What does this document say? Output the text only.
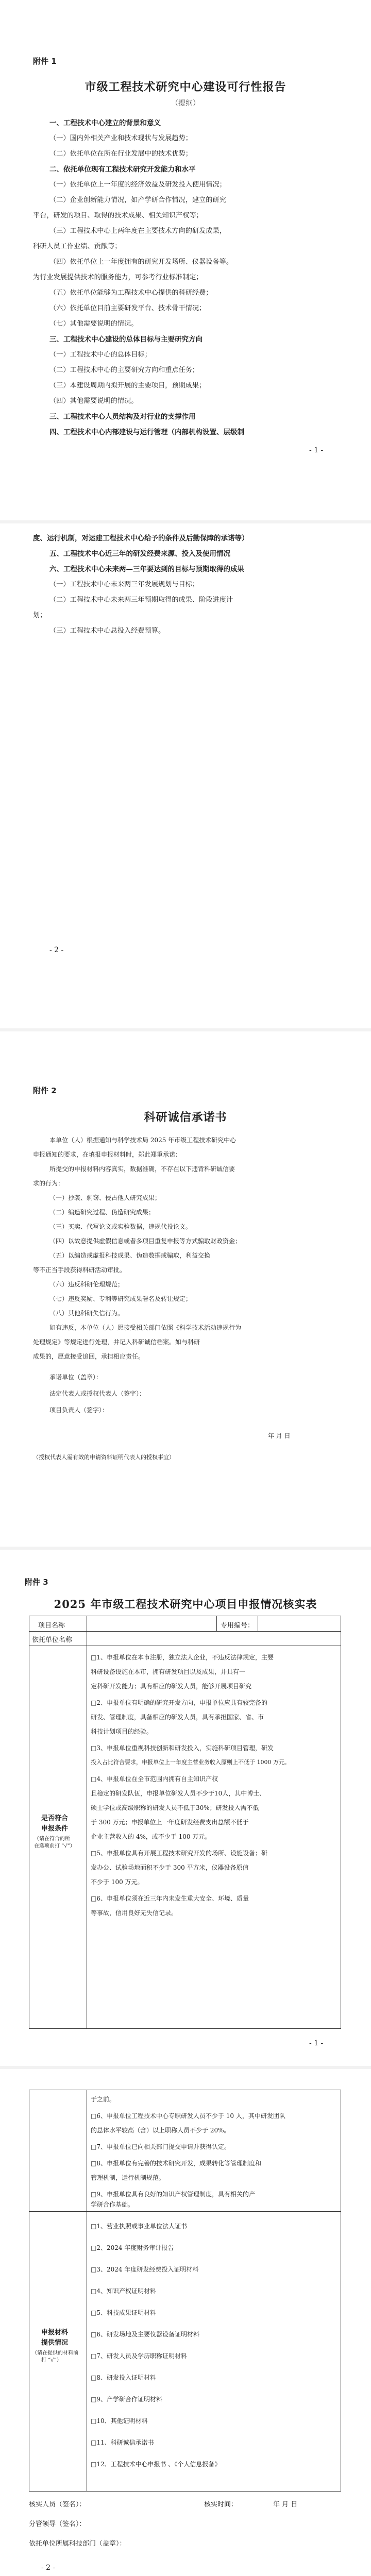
附件 1
市级工程技术研究中心建设可行性报告
（提纲）
一、工程技术中心建立的背景和意义
（一）国内外相关产业和技术现状与发展趋势；
（二）依托单位在所在行业发展中的技术优势；
二、依托单位现有工程技术研究开发能力和水平
（一）依托单位上一年度的经济效益及研发投入使用情况；
（二）企业创新能力情况，如产学研合作情况，建立的研究
平台，研发的项目、取得的技术成果、相关知识产权等；
（三）工程技术中心上两年度在主要技术方向的研发成果，
科研人员工作业绩、贡献等；
（四）依托单位上一年度拥有的研究开发场所、仪器设备等。
为行业发展提供技术的服务能力，可参考行业标准制定；
（五）依托单位能够为工程技术中心提供的科研经费；
（六）依托单位目前主要研发平台、技术骨干情况；
（七）其他需要说明的情况。
三、工程技术中心建设的总体目标与主要研究方向
（一）工程技术中心的总体目标；
（二）工程技术中心的主要研究方向和重点任务；
（三）本建设周期内拟开展的主要项目，预期成果；
（四）其他需要说明的情况。
三、工程技术中心人员结构及对行业的支撑作用
四、工程技术中心内部建设与运行管理（内部机构设置、层级制
- 1 -
度、运行机制，对运建工程技术中心给予的条件及后勤保障的承诺等）
五、工程技术中心近三年的研发经费来源、投入及使用情况
六、工程技术中心未来两—三年要达到的目标与预期取得的成果
（一）工程技术中心未来两三年发展规划与目标；
（二）工程技术中心未来两三年预期取得的成果、阶段进度计
划；
（三）工程技术中心总投入经费预算。
- 2 -
附件 2
科研诚信承诺书
本单位（人）根据通知与科学技术局 2025 年市级工程技术研究中心
申报通知的要求，在填报申报材料时，郑此郑重承诺：
所提交的申报材料内容真实，数据准确，不存在以下违背科研诚信要
求的行为：
（一）抄袭、剽窃、侵占他人研究成果；
（二）编造研究过程、伪造研究成果；
（三）买卖、代写论文或实验数据，违规代投论文。
（四）以故意提供虚假信息或者多项目重复申报等方式骗取财政资金；
（五）以编造或虚报科技成果、伪造数据或骗取，利益交换
等不正当手段获得科研活动审批。
（六）违反科研伦理规范；
（七）违反奖励、专利等研究成果署名及转让规定；
（八）其他科研失信行为。
如有违反，本单位（人）愿接受相关部门依照《科学技术活动违规行为
处理规定》等规定进行处理，并记入科研诚信档案。如与科研
成果的，愿意接受追回，承担相应责任。
承诺单位（盖章）：
法定代表人或授权代表人（签字）：
项目负责人（签字）：
年 月 日
（授权代表人需有效的申请资料证明代表人的授权事宜）
附件 3
2025 年市级工程技术研究中心项目申报情况核实表
项目名称	专用编号：
依托单位名称
是否符合
申报条件
（请在符合的所
在选项前打 “√”）
□1、申报单位在本市注册，独立法人企业，不违反法律规定，主要
科研设备设施在本市，拥有研发项目以及成果，并具有一
定科研开发能力；具有相应的研发人员，能够开展项目研究
□2、申报单位有明确的研究开发方向，申报单位应具有较完备的
研发、管理制度，具备相应的研发人员，具有承担国家、省、市
科技计划项目的经验。
□3、申报单位重视科技创新和研发投入，实施科研项目管理，研发
投入占比符合要求，申报单位上一年度主营业务收入原则上不低于 1000 万元。
□4、申报单位在全市范围内拥有自主知识产权
且稳定的研发队伍，申报单位研发人员不少于10人，其中博士、
硕士学位或高级职称的研发人员不低于30%；研发投入需不低
于 300 万元；申报单位上一年度研发经费支出总额不低于
企业主营收入的 4%，或不少于 100 万元。
□5、申报单位具有开展工程技术研究开发的场所、设施设备；研
发办公、试验场地面积不少于 300 平方米，仪器设备原值
不少于 100 万元。
□6、申报单位须在近三年内未发生重大安全、环境、质量
等事故，信用良好无失信记录。
- 1 -
于之前。
□6、申报单位工程技术中心专职研发人员不少于 10 人，其中研发团队
的总体水平较高（含）以上职称人员不少于 20%。
□7、申报单位已向相关部门提交申请并获得认定。
□8、申报单位有完善的技术研究开发，成果转化等管理制度和
管理机制，运行机制规范。
□9、申报单位具有良好的知识产权管理制度，具有相关的产
学研合作基础。
申报材料
提供情况
（请在提供的材料前
打 “√”）
□1、营业执照或事业单位法人证书
□2、2024 年度财务审计报告
□3、2024 年度研发经费投入证明材料
□4、知识产权证明材料
□5、科技成果证明材料
□6、研发场地及主要仪器设备证明材料
□7、研发人员及学历职称证明材料
□8、研发投入证明材料
□9、产学研合作证明材料
□10、其他证明材料
□11、科研诚信承诺书
□12、工程技术中心申报书 、《个人信息报备》
核实人员（签名）：	核实时间：	年 月 日
分管领导（签名）：
依托单位所属科技部门（盖章）：
- 2 -
